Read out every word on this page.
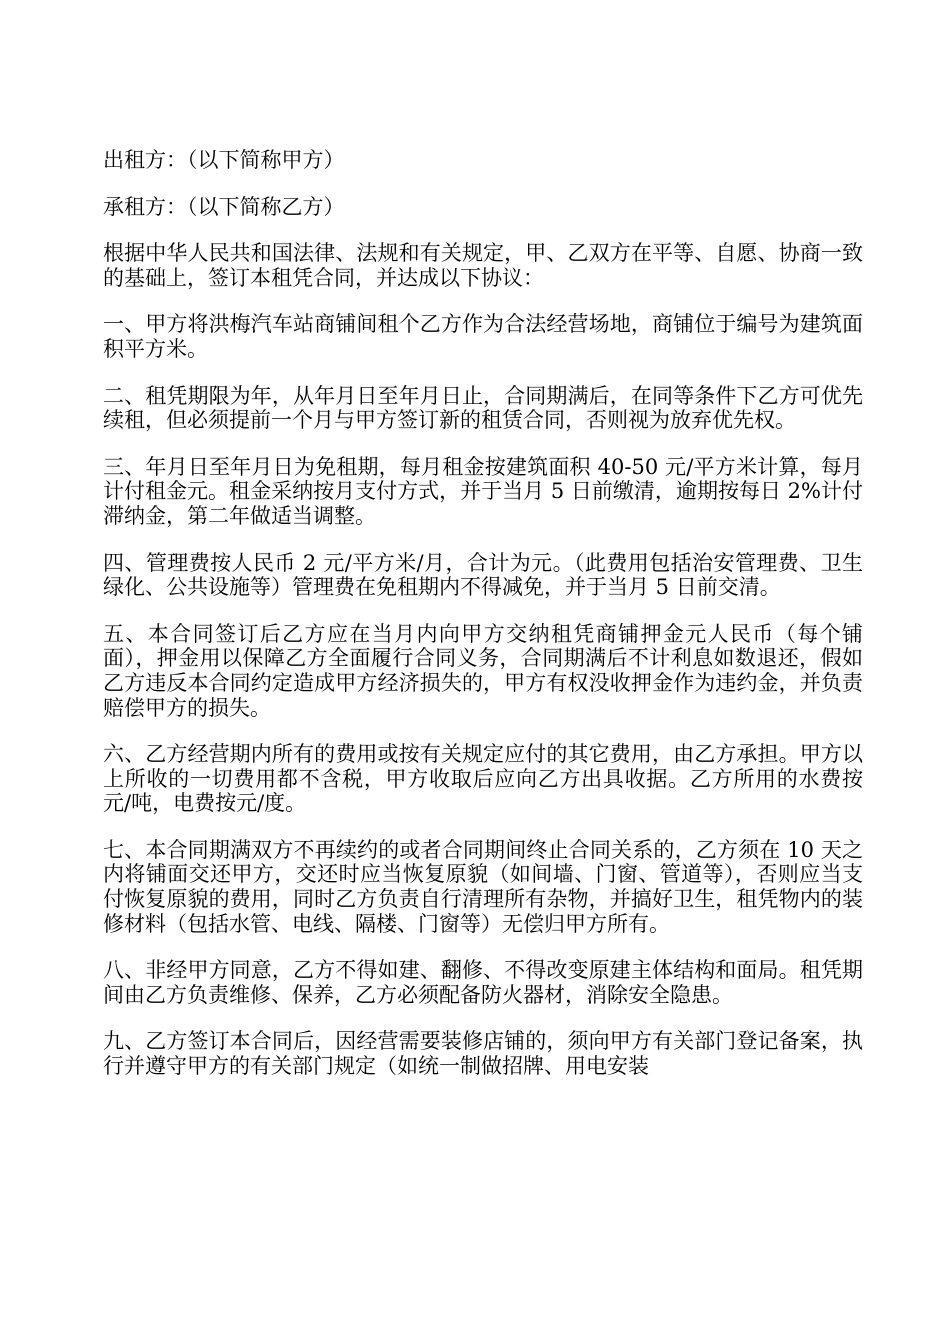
出租方：（以下简称甲方）

承租方：（以下简称乙方）

根据中华人民共和国法律、法规和有关规定，甲、乙双方在平等、自愿、协商一致的基础上，签订本租凭合同，并达成以下协议：

一、甲方将洪梅汽车站商铺间租个乙方作为合法经营场地，商铺位于编号为建筑面积平方米。

二、租凭期限为年，从年月日至年月日止，合同期满后，在同等条件下乙方可优先续租，但必须提前一个月与甲方签订新的租赁合同，否则视为放弃优先权。

三、年月日至年月日为免租期，每月租金按建筑面积 40-50 元/平方米计算，每月计付租金元。租金采纳按月支付方式，并于当月 5 日前缴清，逾期按每日 2%计付滞纳金，第二年做适当调整。

四、管理费按人民币 2 元/平方米/月，合计为元。（此费用包括治安管理费、卫生绿化、公共设施等）管理费在免租期内不得减免，并于当月 5 日前交清。

五、本合同签订后乙方应在当月内向甲方交纳租凭商铺押金元人民币（每个铺面），押金用以保障乙方全面履行合同义务，合同期满后不计利息如数退还，假如乙方违反本合同约定造成甲方经济损失的，甲方有权没收押金作为违约金，并负责赔偿甲方的损失。

六、乙方经营期内所有的费用或按有关规定应付的其它费用，由乙方承担。甲方以上所收的一切费用都不含税，甲方收取后应向乙方出具收据。乙方所用的水费按元/吨，电费按元/度。

七、本合同期满双方不再续约的或者合同期间终止合同关系的，乙方须在 10 天之内将铺面交还甲方，交还时应当恢复原貌（如间墙、门窗、管道等），否则应当支付恢复原貌的费用，同时乙方负责自行清理所有杂物，并搞好卫生，租凭物内的装修材料（包括水管、电线、隔楼、门窗等）无偿归甲方所有。

八、非经甲方同意，乙方不得如建、翻修、不得改变原建主体结构和面局。租凭期间由乙方负责维修、保养，乙方必须配备防火器材，消除安全隐患。

九、乙方签订本合同后，因经营需要装修店铺的，须向甲方有关部门登记备案，执行并遵守甲方的有关部门规定（如统一制做招牌、用电安装
